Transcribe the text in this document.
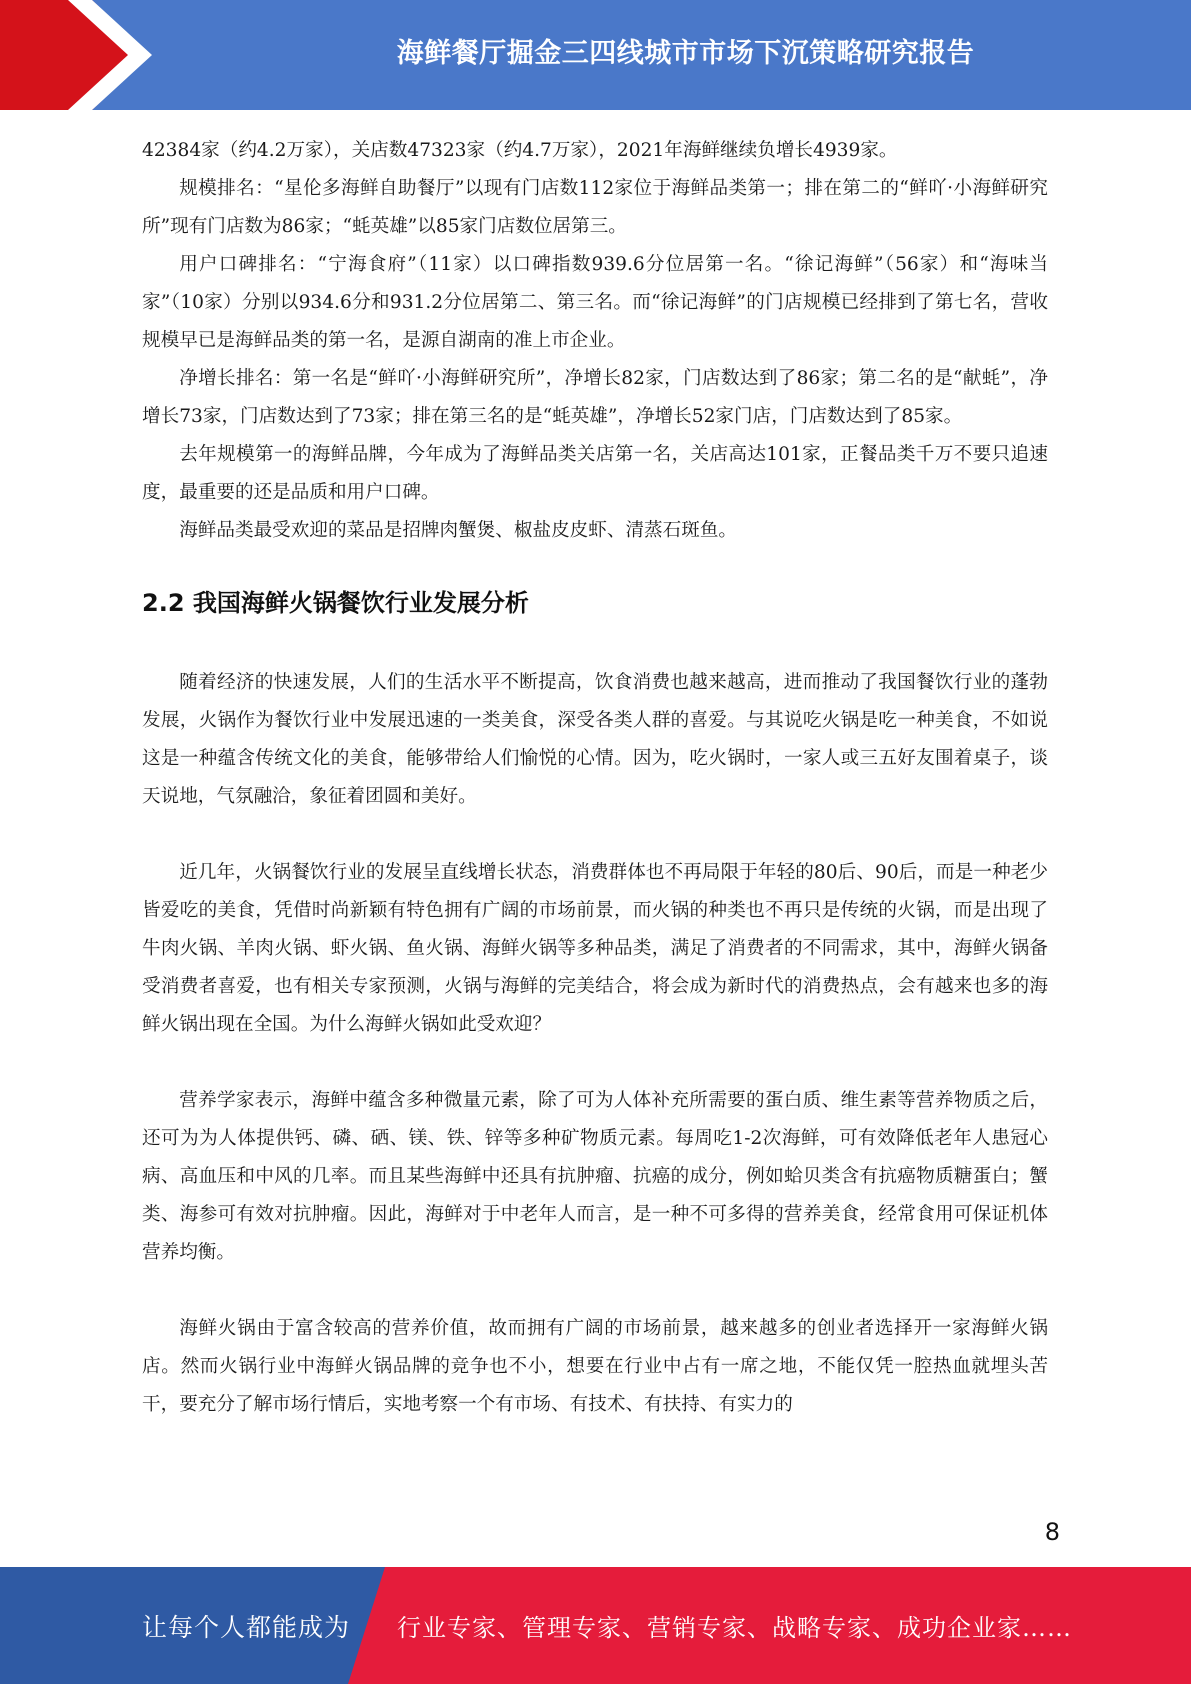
海鲜餐厅掘金三四线城市市场下沉策略研究报告

42384家（约4.2万家），关店数47323家（约4.7万家），2021年海鲜继续负增长4939家。

规模排名：“星伦多海鲜自助餐厅”以现有门店数112家位于海鲜品类第一；排在第二的“鲜吖·小海鲜研究所”现有门店数为86家；“蚝英雄”以85家门店数位居第三。

用户口碑排名：“宁海食府”（11家）以口碑指数939.6分位居第一名。“徐记海鲜”（56家）和“海味当家”（10家）分别以934.6分和931.2分位居第二、第三名。而“徐记海鲜”的门店规模已经排到了第七名，营收规模早已是海鲜品类的第一名，是源自湖南的准上市企业。

净增长排名：第一名是“鲜吖·小海鲜研究所”，净增长82家，门店数达到了86家；第二名的是“献蚝”，净增长73家，门店数达到了73家；排在第三名的是“蚝英雄”，净增长52家门店，门店数达到了85家。

去年规模第一的海鲜品牌，今年成为了海鲜品类关店第一名，关店高达101家，正餐品类千万不要只追速度，最重要的还是品质和用户口碑。

海鲜品类最受欢迎的菜品是招牌肉蟹煲、椒盐皮皮虾、清蒸石斑鱼。

2.2 我国海鲜火锅餐饮行业发展分析

随着经济的快速发展，人们的生活水平不断提高，饮食消费也越来越高，进而推动了我国餐饮行业的蓬勃发展，火锅作为餐饮行业中发展迅速的一类美食，深受各类人群的喜爱。与其说吃火锅是吃一种美食，不如说这是一种蕴含传统文化的美食，能够带给人们愉悦的心情。因为，吃火锅时，一家人或三五好友围着桌子，谈天说地，气氛融洽，象征着团圆和美好。

近几年，火锅餐饮行业的发展呈直线增长状态，消费群体也不再局限于年轻的80后、90后，而是一种老少皆爱吃的美食，凭借时尚新颖有特色拥有广阔的市场前景，而火锅的种类也不再只是传统的火锅，而是出现了牛肉火锅、羊肉火锅、虾火锅、鱼火锅、海鲜火锅等多种品类，满足了消费者的不同需求，其中，海鲜火锅备受消费者喜爱，也有相关专家预测，火锅与海鲜的完美结合，将会成为新时代的消费热点，会有越来也多的海鲜火锅出现在全国。为什么海鲜火锅如此受欢迎？

营养学家表示，海鲜中蕴含多种微量元素，除了可为人体补充所需要的蛋白质、维生素等营养物质之后，还可为为人体提供钙、磷、硒、镁、铁、锌等多种矿物质元素。每周吃1-2次海鲜，可有效降低老年人患冠心病、高血压和中风的几率。而且某些海鲜中还具有抗肿瘤、抗癌的成分，例如蛤贝类含有抗癌物质糖蛋白；蟹类、海参可有效对抗肿瘤。因此，海鲜对于中老年人而言，是一种不可多得的营养美食，经常食用可保证机体营养均衡。

海鲜火锅由于富含较高的营养价值，故而拥有广阔的市场前景，越来越多的创业者选择开一家海鲜火锅店。然而火锅行业中海鲜火锅品牌的竞争也不小，想要在行业中占有一席之地，不能仅凭一腔热血就埋头苦干，要充分了解市场行情后，实地考察一个有市场、有技术、有扶持、有实力的

8
让每个人都能成为 行业专家、管理专家、营销专家、战略专家、成功企业家……
